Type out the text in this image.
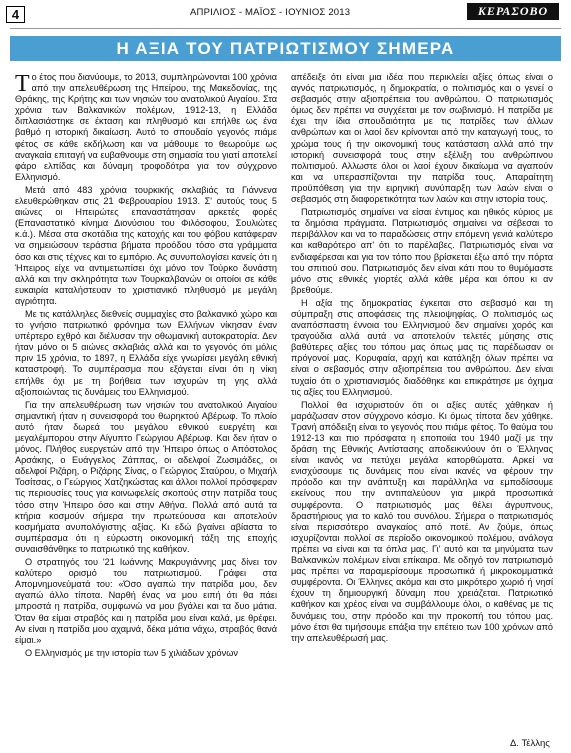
4	ΑΠΡΙΛΙΟΣ - ΜΑΪΟΣ - ΙΟΥΝΙΟΣ 2013	ΚΕΡΑΣΟΒΟ
Η ΑΞΙΑ ΤΟΥ ΠΑΤΡΙΩΤΙΣΜΟΥ ΣΗΜΕΡΑ

Το έτος που διανύουμε, το 2013, συμπληρώνονται 100 χρόνια από την απελευθέρωση της Ηπείρου, της Μακεδονίας, της Θράκης, της Κρήτης και των νησιών του ανατολικού Αιγαίου. Στα χρόνια των Βαλκανικών πολέμων, 1912-13, η Ελλάδα διπλασιάστηκε σε έκταση και πληθυσμό και επήλθε ως ένα βαθμό η ιστορική δικαίωση. Αυτό το σπουδαίο γεγονός πιάμε φέτος σε κάθε εκδήλωση και να μάθουμε το θεωρούμε ως αναγκαία επιταγή να ευβαθνουμε στη σημασία του γιατί αποτελεί φάρο ελπίδας και δύναμη τροφοδότρα για τον σύγχρονο Ελληνισμό.

Μετά από 483 χρόνια τουρκικής σκλαβιάς τα Γιάννενα ελευθερώθηκαν στις 21 Φεβρουαρίου 1913. Σ' αυτούς τους 5 αιώνες οι Ηπειρώτες επαναστάτησαν αρκετές φορές (Επαναστατικό κίνημα Διονύσιου του Φιλόσοφου, Σουλιώτες κ.ά.). Μέσα στα σκοτάδια της κατοχής και του φόβου κατάφεραν να σημειώσουν τεράστια βήματα προόδου τόσο στα γράμματα όσο και στις τέχνες και το εμπόριο. Ας συνυπολογίσει κανείς ότι η Ήπειρος είχε να αντιμετωπίσει όχι μόνο τον Τούρκο δυνάστη αλλά και την σκληρότητα των Τουρκαλβανών οι οποίοι σε κάθε ευκαιρία καταλήστευαν το χριστιανικό πληθυσμό με μεγάλη αγριότητα.

Με τις κατάλληλες διεθνείς συμμαχίες στο βαλκανικό χώρο και το γνήσιο πατριωτικό φρόνημα των Ελλήνων νίκησαν έναν υπέρτερο εχθρό και διέλυσαν την οθωμανική αυτοκρατορία. Δεν ήταν μόνο οι 5 αιώνες σκλαβιάς αλλά και το γεγονός ότι μόλις πριν 15 χρόνια, το 1897, η Ελλάδα είχε γνωρίσει μεγάλη εθνική καταστροφή. Το συμπέρασμα που εξάγεται είναι ότι η νίκη επήλθε όχι με τη βοήθεια των ισχυρών τη γης αλλά αξιοποιώντας τις δυνάμεις του Ελληνισμού.

Για την απελευθέρωση των νησιών του ανατολικού Αιγαίου σημαντική ήταν η συνεισφορά του θωρηκτού Αβέρωφ. Το πλοίο αυτό ήταν δωρεά του μεγάλου εθνικού ευεργέτη και μεγαλέμπορου στην Αίγυπτο Γεώργιου Αβέρωφ. Και δεν ήταν ο μόνος. Πλήθος ευεργετών από την Ήπειρο όπως ο Απόστολος Αρσάκης, ο Ευάγγελος Ζάππας, οι αδελφοί Ζωσιμάδες, οι αδελφοί Ριζάρη, ο Ριζάρης Σίνας, ο Γεώργιος Σταύρου, ο Μιχαήλ Τοσίτσας, ο Γεώργιος Χατζηκώστας και άλλοι πολλοί πρόσφεραν τις περιουσίες τους για κοινωφελείς σκοπούς στην πατρίδα τους τόσο στην Ήπειρο όσο και στην Αθήνα. Πολλά από αυτά τα κτήρια κοσμούν σήμερα την πρωτεύουσα και αποτελούν κοσμήματα ανυπολόγιστης αξίας. Κι εδώ βγαίνει αβίαστα το συμπέρασμα ότι η εύρωστη οικονομική τάξη της εποχής συναισθάνθηκε το πατριωτικό της καθήκον.

Ο στρατηγός του '21 Ιωάννης Μακρυγιάννης μας δίνει τον καλύτερο ορισμό του πατριωτισμού. Γράφει στα Απομνημονεύματά του: «Όσο αγαπώ την πατρίδα μου, δεν αγαπώ άλλο τίποτα. Ναρθή ένας να μου ειπή ότι θα πάει μπροστά η πατρίδα, συμφωνώ να μου βγάλει και τα δυο μάτια. Όταν θα είμαι στραβός και η πατρίδα μου είναι καλά, με θρέφει. Αν είναι η πατρίδα μου αχαμνά, δέκα μάτια νάχω, στραβός θανά είμαι.»

Ο Ελληνισμός με την ιστορία των 5 χιλιάδων χρόνων

απέδειξε ότι είναι μια ιδέα που περικλείει αξίες όπως είναι ο αγνός πατριωτισμός, η δημοκρατία, ο πολιτισμός και ο γενεί ο σεβασμός στην αξιοπρέπεια του ανθρώπου. Ο πατριωτισμός όμως δεν πρέπει να συγχέεται με τον σωβινισμό. Η πατρίδα με έχει την ίδια σπουδαιότητα με τις πατρίδες των άλλων ανθρώπων και οι λαοί δεν κρίνονται από την καταγωγή τους, το χρώμα τους ή την οικονομική τους κατάσταση αλλά από την ιστορική συνεισφορά τους στην εξέλιξη του ανθρώπινου πολιτισμού. Αλλωστε όλοι οι λαοί έχουν δικαίωμα να αγαπούν και να υπερασπίζονται την πατρίδα τους. Απαραίτητη προϋπόθεση για την ειρηνική συνύπαρξη των λαών είναι ο σεβασμός στη διαφορετικότητα των λαών και στην ιστορία τους.

Πατριωτισμός σημαίνει να είσαι έντιμος και ηθικός κύριος με τα δημόσια πράγματα. Πατριωτισμός σημαίνει να σέβεσαι το περιβάλλον και να το παραδώσεις στην επόμενη γενιά καλύτερο και καθαρότερο απ' ότι το παρέλαβες. Πατριωτισμός είναι να ενδιαφέρεσαι και για τον τόπο που βρίσκεται έξω από την πόρτα του σπιτιού σου. Πατριωτισμός δεν είναι κάτι που το θυμόμαστε μόνο στις εθνικές γιορτές αλλά κάθε μέρα και όπου κι αν βρεθούμε.

Η αξία της δημοκρατίας έγκειται στο σεβασμό και τη σύμπραξη στις αποφάσεις της πλειοψηφίας. Ο πολιτισμός ως αναπόσπαστη έννοια του Ελληνισμού δεν σημαίνει χορός και τραγούδια αλλά αυτά να αποτελούν τελετές μύησης στις βαθύτερες αξίες του τόπου μας όπως μας τις παρέδωσαν οι πρόγονοί μας. Κορυφαία, αρχή και κατάληξη όλων πρέπει να είναι ο σεβασμός στην αξιοπρέπεια του ανθρώπου. Δεν είναι τυχαίο ότι ο χριστιανισμός διαδόθηκε και επικράτησε με όχημα τις αξίες του Ελληνισμού.

Πολλοί θα ισχυριστούν ότι οι αξίες αυτές χάθηκαν ή μαράζωσαν στον σύγχρονο κόσμο. Κι όμως τίποτα δεν χάθηκε. Τρανή απόδειξη είναι το γεγονός που πιάμε φέτος. Το θαύμα του 1912-13 και πιο πρόσφατα η εποποιία του 1940 μαζί με την δράση της Εθνικής Αντίστασης αποδεικνύουν ότι ο Έλληνας είναι ικανός να πετύχει μεγάλα κατορθώματα. Αρκεί να ενισχύσουμε τις δυνάμεις που είναι ικανές να φέρουν την πρόοδο και την ανάπτυξη και παράλληλα να εμποδίσουμε εκείνους που την αντιπαλεύουν για μικρά προσωπικά συμφέροντα. Ο πατριωτισμός μας θέλει άγρυπνους, δραστήριους για το καλό του συνόλου. Σήμερα ο πατριωτισμός είναι περισσότερο αναγκαίος από ποτέ. Αν ζούμε, όπως ισχυρίζονται πολλοί σε περίοδο οικονομικού πολέμου, ανάλογα πρέπει να είναι και τα όπλα μας. Γι' αυτό και τα μηνύματα των Βαλκανικών πολέμων είναι επίκαιρα. Με οδηγό τον πατριωτισμό μας πρέπει να παραμερίσουμε προσωπικά ή μικροκομματικά συμφέροντα. Οι Έλληνες ακόμα και στο μικρότερο χωριό ή νησί έχουν τη δημιουργική δύναμη που χρειάζεται. Πατριωτικό καθήκον και χρέος είναι να συμβάλλουμε όλοι, ο καθένας με τις δυνάμεις του, στην πρόοδο και την προκοπή του τόπου μας. μόνο έτσι θα τιμήσουμε επάξια την επέτειο των 100 χρόνων από την απελευθέρωσή μας.

Δ. Τέλλης
